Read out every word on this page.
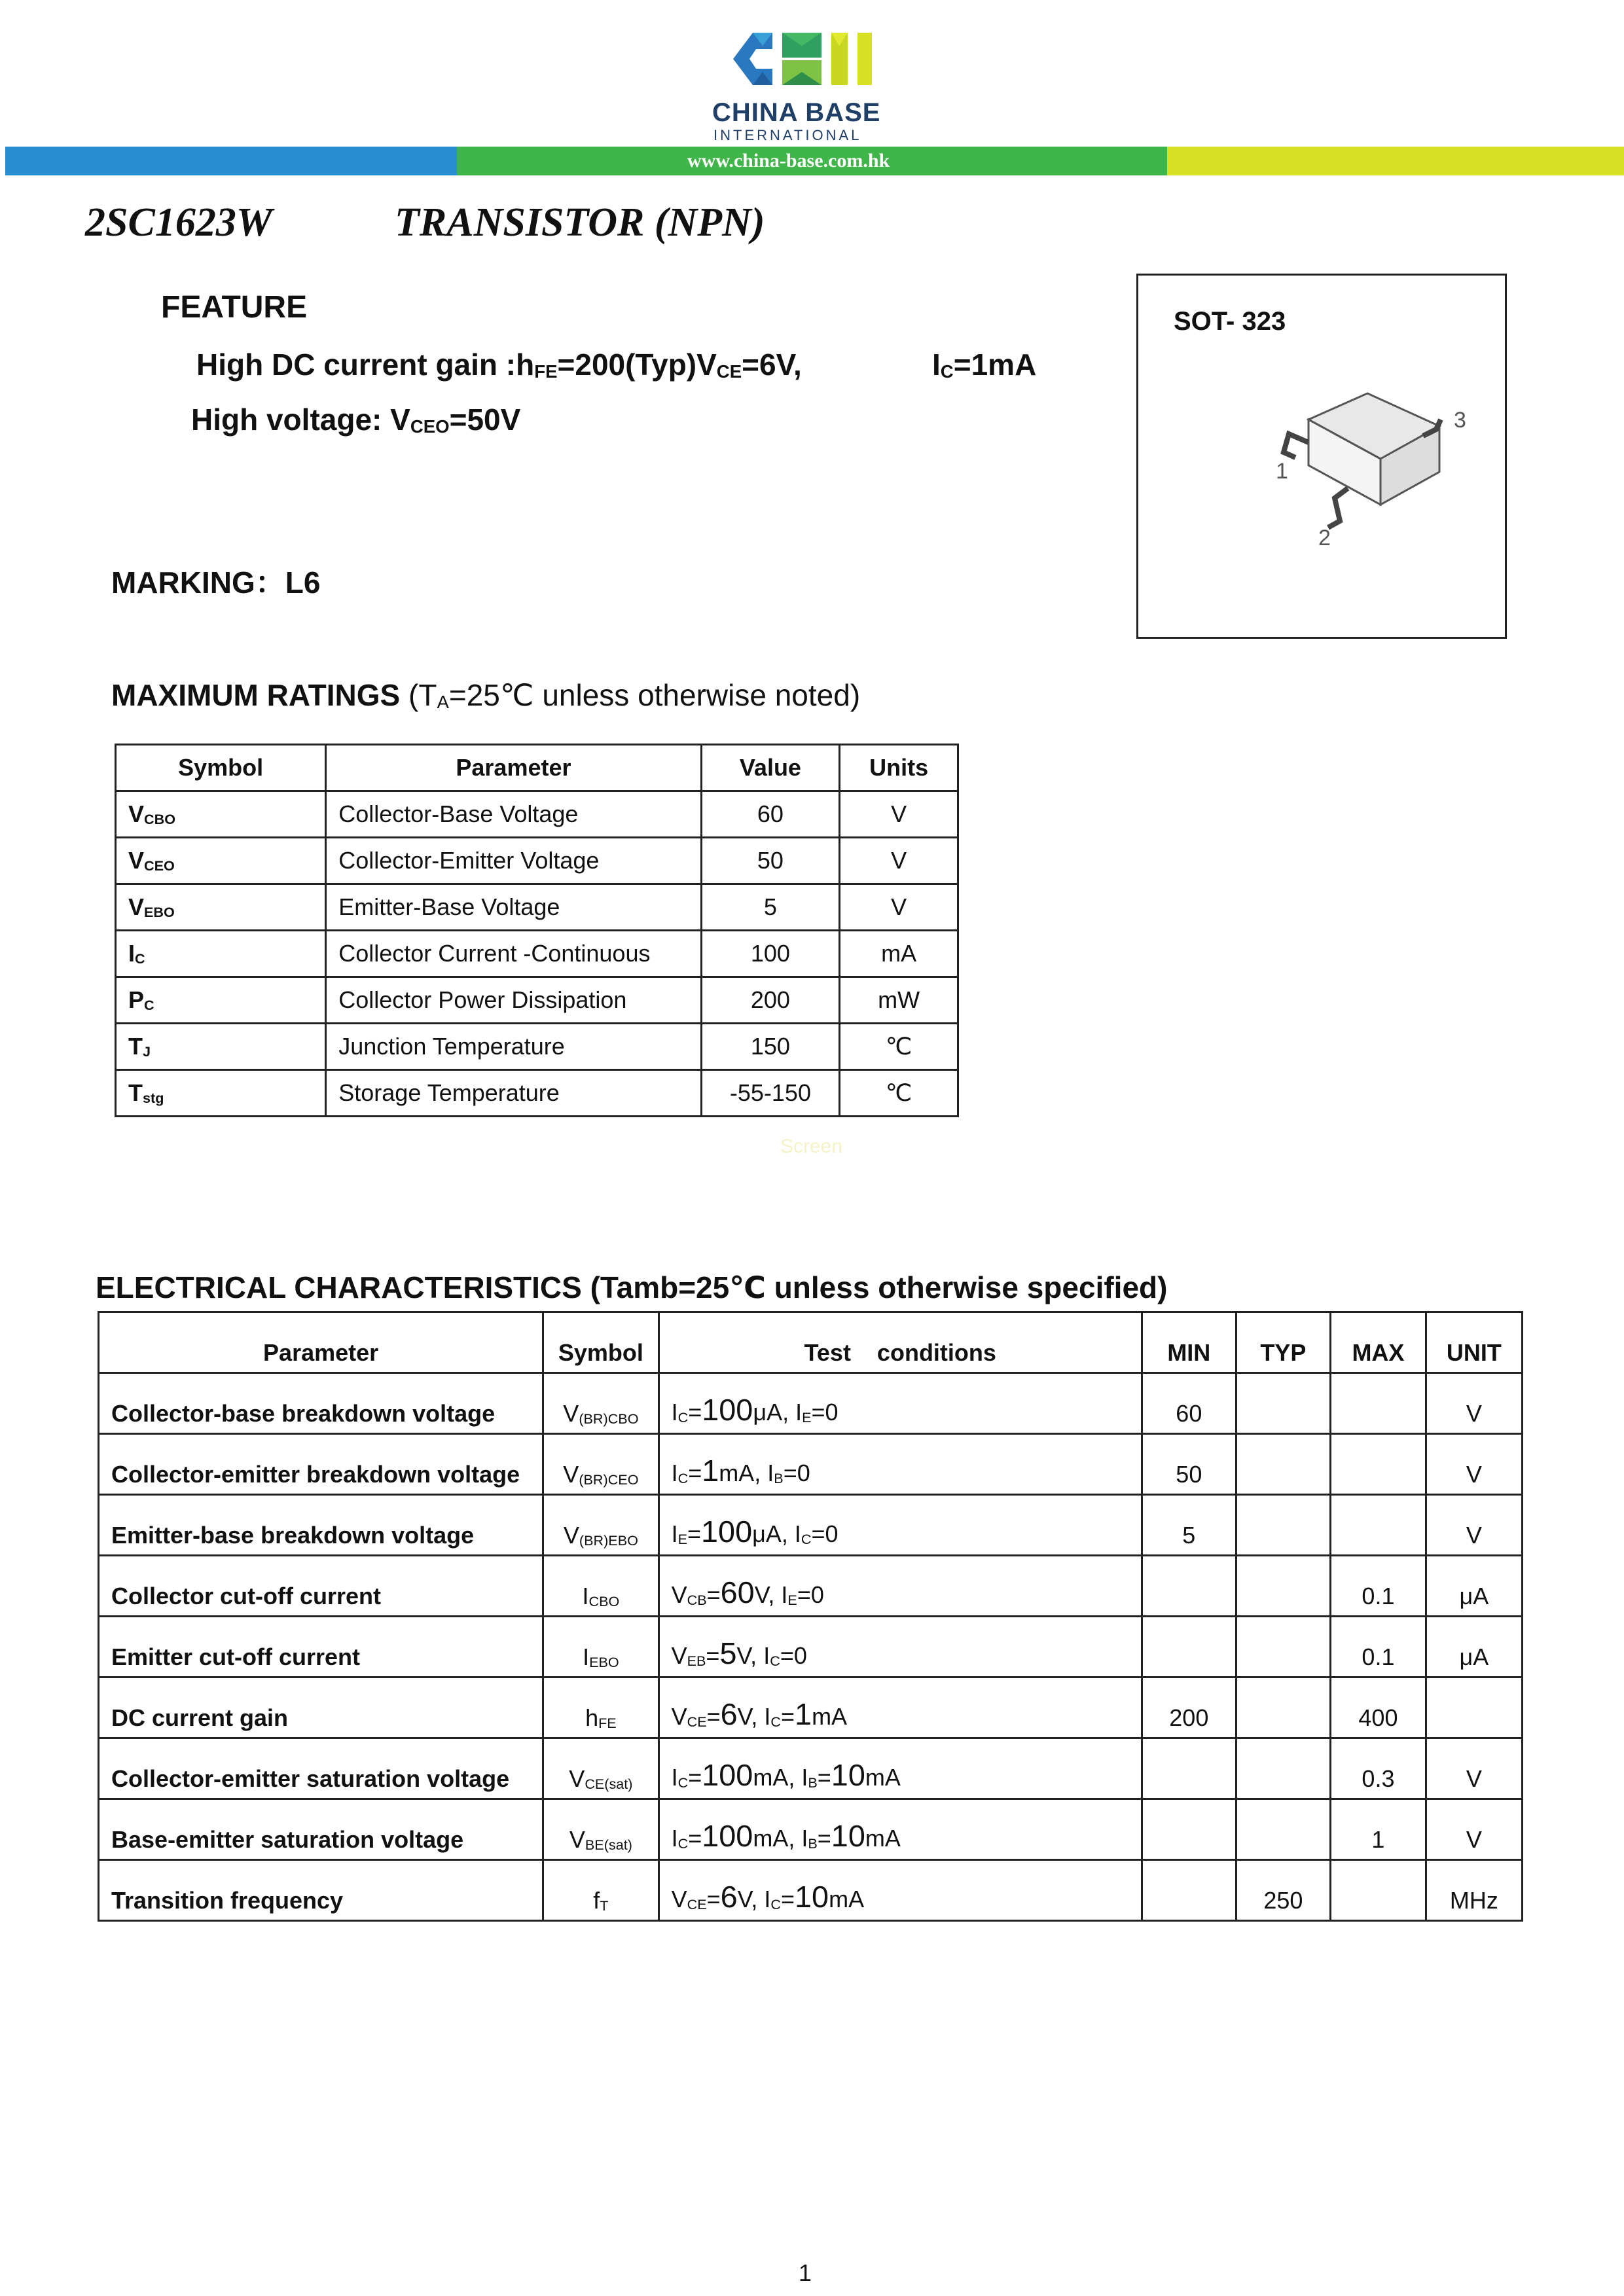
CHINA BASE
INTERNATIONAL
www.china-base.com.hk
2SC1623W	TRANSISTOR (NPN)
FEATURE
High DC current gain $:h_{FE}=200(Typ)V_{CE}=6V$,	$I_C=1mA$
High voltage: $V_{CEO}=50V$
MARKING：L6
SOT- 323
1
2
3
MAXIMUM RATINGS ($T_A=25℃$ unless otherwise noted)
Symbol	Parameter	Value	Units
$V_{CBO}$	Collector-Base Voltage	60	V
$V_{CEO}$	Collector-Emitter Voltage	50	V
$V_{EBO}$	Emitter-Base Voltage	5	V
$I_C$	Collector Current -Continuous	100	mA
$P_C$	Collector Power Dissipation	200	mW
$T_J$	Junction Temperature	150	℃
$T_{stg}$	Storage Temperature	-55-150	℃
Screen
ELECTRICAL CHARACTERISTICS (Tamb=25℃ unless otherwise specified)
Parameter	Symbol	Test    conditions	MIN	TYP	MAX	UNIT
Collector-base breakdown voltage	$V_{(BR)CBO}$	$I_C=100\mu A$, $I_E=0$	60			V
Collector-emitter breakdown voltage	$V_{(BR)CEO}$	$I_C=1mA$, $I_B=0$	50			V
Emitter-base breakdown voltage	$V_{(BR)EBO}$	$I_E=100\mu A$, $I_C=0$	5			V
Collector cut-off current	$I_{CBO}$	$V_{CB}=60V$, $I_E=0$			0.1	μA
Emitter cut-off current	$I_{EBO}$	$V_{EB}=5V$, $I_C=0$			0.1	μA
DC current gain	$h_{FE}$	$V_{CE}=6V$, $I_C=1mA$	200		400	
Collector-emitter saturation voltage	$V_{CE(sat)}$	$I_C=100mA$, $I_B=10mA$			0.3	V
Base-emitter saturation voltage	$V_{BE(sat)}$	$I_C=100mA$, $I_B=10mA$			1	V
Transition frequency	$f_T$	$V_{CE}=6V$, $I_C=10mA$		250		MHz
1
